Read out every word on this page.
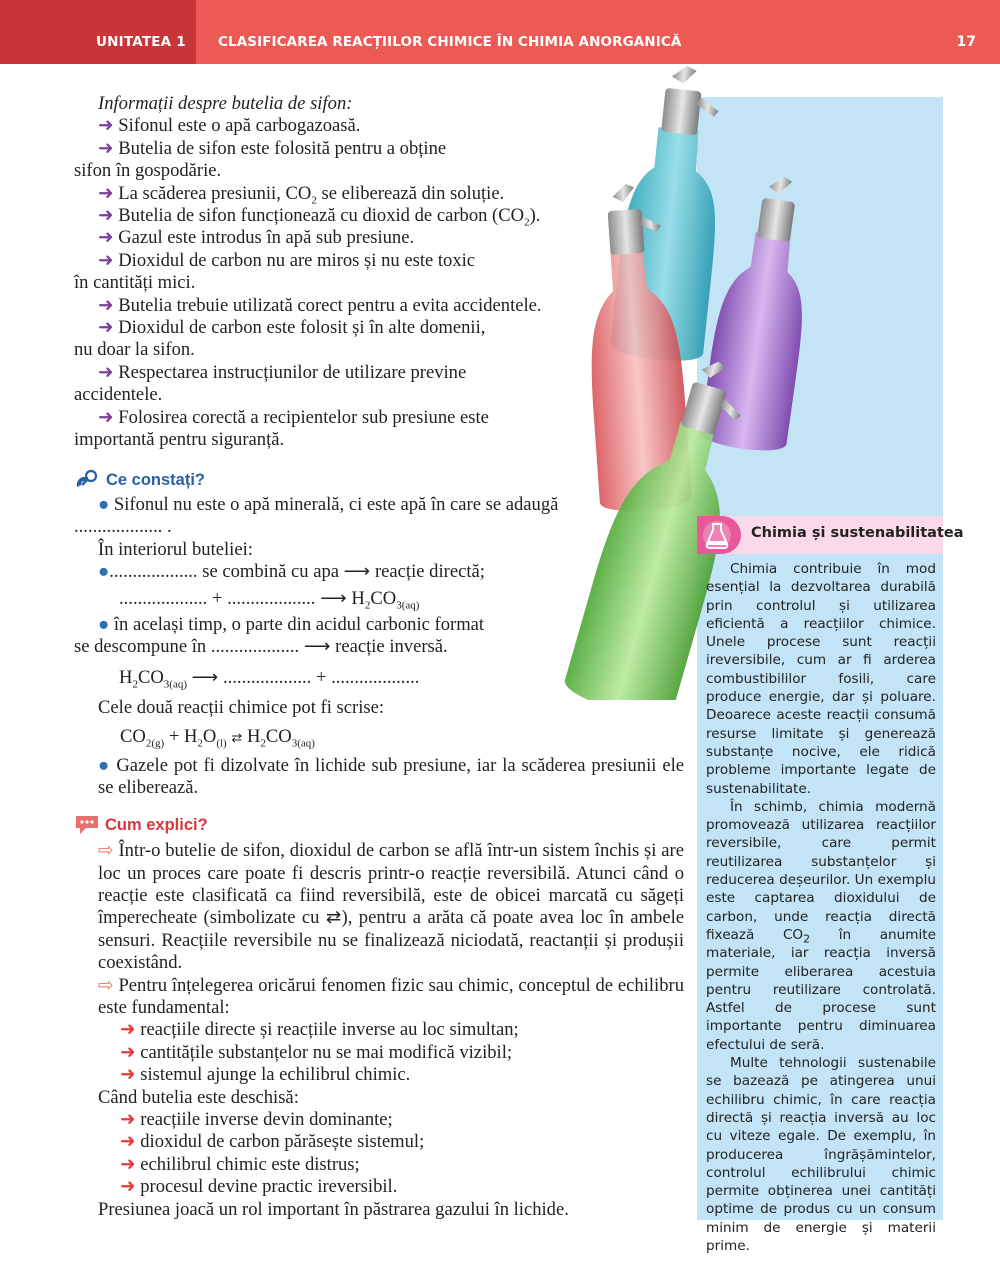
UNITATEA 1 CLASIFICAREA REACȚIILOR CHIMICE ÎN CHIMIA ANORGANICĂ	17
Chimia și sustenabilitatea

Chimia contribuie în mod esențial la dezvoltarea durabilă prin controlul și utilizarea eficientă a reacțiilor chimice. Unele procese sunt reacții ireversibile, cum ar fi arderea combustibililor fosili, care produce energie, dar și poluare. Deoarece aceste reacții consumă resurse limitate și generează substanțe nocive, ele ridică probleme importante legate de sustenabilitate.

În schimb, chimia modernă promovează utilizarea reacțiilor reversibile, care permit reutilizarea substanțelor și reducerea deșeurilor. Un exemplu este captarea dioxidului de carbon, unde reacția directă fixează $CO_2$ în anumite materiale, iar reacția inversă permite eliberarea acestuia pentru reutilizare controlată. Astfel de procese sunt importante pentru diminuarea efectului de seră.

Multe tehnologii sustenabile se bazează pe atingerea unui echilibru chimic, în care reacția directă și reacția inversă au loc cu viteze egale. De exemplu, în producerea îngrășămintelor, controlul echilibrului chimic permite obținerea unei cantități optime de produs cu un consum minim de energie și materii prime.

Informații despre butelia de sifon:

➜ Sifonul este o apă carbogazoasă.

➜ Butelia de sifon este folosită pentru a obține

sifon în gospodărie.

➜ La scăderea presiunii, $CO_2$ se eliberează din soluție.

➜ Butelia de sifon funcționează cu dioxid de carbon $(CO_2)$.

➜ Gazul este introdus în apă sub presiune.

➜ Dioxidul de carbon nu are miros și nu este toxic

în cantități mici.

➜ Butelia trebuie utilizată corect pentru a evita accidentele.

➜ Dioxidul de carbon este folosit și în alte domenii,

nu doar la sifon.

➜ Respectarea instrucțiunilor de utilizare previne

accidentele.

➜ Folosirea corectă a recipientelor sub presiune este

importantă pentru siguranță.

Ce constați?

● Sifonul nu este o apă minerală, ci este apă în care se adaugă

................... .

În interiorul buteliei:

●................... se combină cu apa ⟶ reacție directă;

................... + ................... ⟶ $H_2CO_{3(aq)}$

● în același timp, o parte din acidul carbonic format

se descompune în ................... ⟶ reacție inversă.

$H_2CO_{3(aq)}$ ⟶ ................... + ...................

Cele două reacții chimice pot fi scrise:

$CO_{2(g)} + H_2O_{(l)}$ ⇄ $H_2CO_{3(aq)}$

● Gazele pot fi dizolvate în lichide sub presiune, iar la scăderea presiunii ele se eliberează.

Cum explici?

⇨ Într-o butelie de sifon, dioxidul de carbon se află într-un sistem închis și are loc un proces care poate fi descris printr-o reacție reversibilă. Atunci când o reacție este clasificată ca fiind reversibilă, este de obicei marcată cu săgeți împerecheate (simbolizate cu ⇄), pentru a arăta că poate avea loc în ambele sensuri. Reacțiile reversibile nu se finalizează niciodată, reactanții și produșii coexistând.

⇨ Pentru înțelegerea oricărui fenomen fizic sau chimic, conceptul de echilibru este fundamental:

➜ reacțiile directe și reacțiile inverse au loc simultan;

➜ cantitățile substanțelor nu se mai modifică vizibil;

➜ sistemul ajunge la echilibrul chimic.

Când butelia este deschisă:

➜ reacțiile inverse devin dominante;

➜ dioxidul de carbon părăsește sistemul;

➜ echilibrul chimic este distrus;

➜ procesul devine practic ireversibil.

Presiunea joacă un rol important în păstrarea gazului în lichide.
